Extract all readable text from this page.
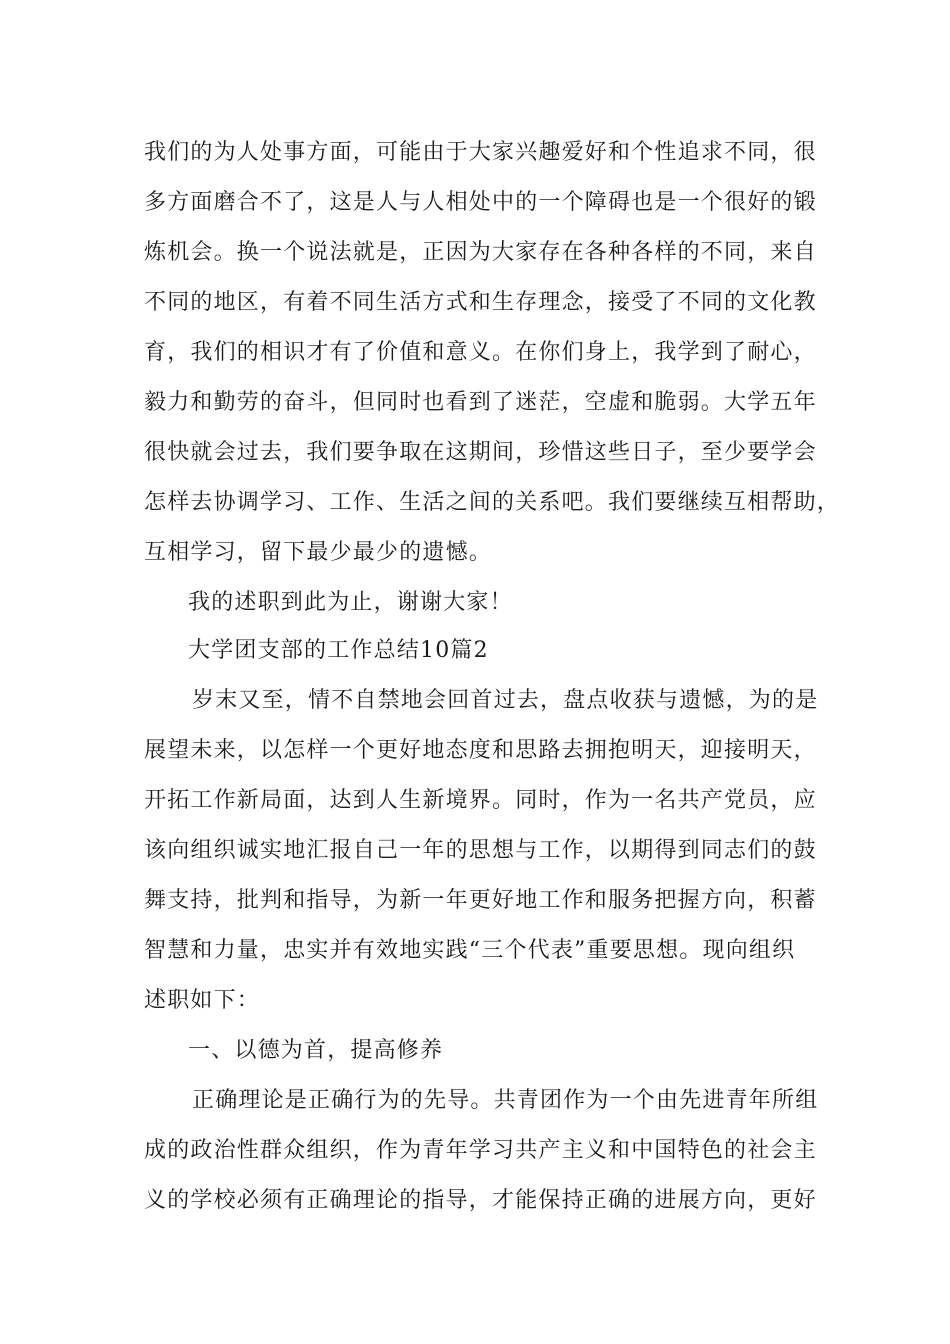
我们的为人处事方面，可能由于大家兴趣爱好和个性追求不同，很
多方面磨合不了，这是人与人相处中的一个障碍也是一个很好的锻
炼机会。换一个说法就是，正因为大家存在各种各样的不同，来自
不同的地区，有着不同生活方式和生存理念，接受了不同的文化教
育，我们的相识才有了价值和意义。在你们身上，我学到了耐心，
毅力和勤劳的奋斗，但同时也看到了迷茫，空虚和脆弱。大学五年
很快就会过去，我们要争取在这期间，珍惜这些日子，至少要学会
怎样去协调学习、工作、生活之间的关系吧。我们要继续互相帮助，
互相学习，留下最少最少的遗憾。
我的述职到此为止，谢谢大家！
大学团支部的工作总结10篇2
岁末又至，情不自禁地会回首过去，盘点收获与遗憾，为的是
展望未来，以怎样一个更好地态度和思路去拥抱明天，迎接明天，
开拓工作新局面，达到人生新境界。同时，作为一名共产党员，应
该向组织诚实地汇报自己一年的思想与工作，以期得到同志们的鼓
舞支持，批判和指导，为新一年更好地工作和服务把握方向，积蓄
智慧和力量，忠实并有效地实践“三个代表”重要思想。现向组织
述职如下：
一、以德为首，提高修养
正确理论是正确行为的先导。共青团作为一个由先进青年所组
成的政治性群众组织，作为青年学习共产主义和中国特色的社会主
义的学校必须有正确理论的指导，才能保持正确的进展方向，更好
